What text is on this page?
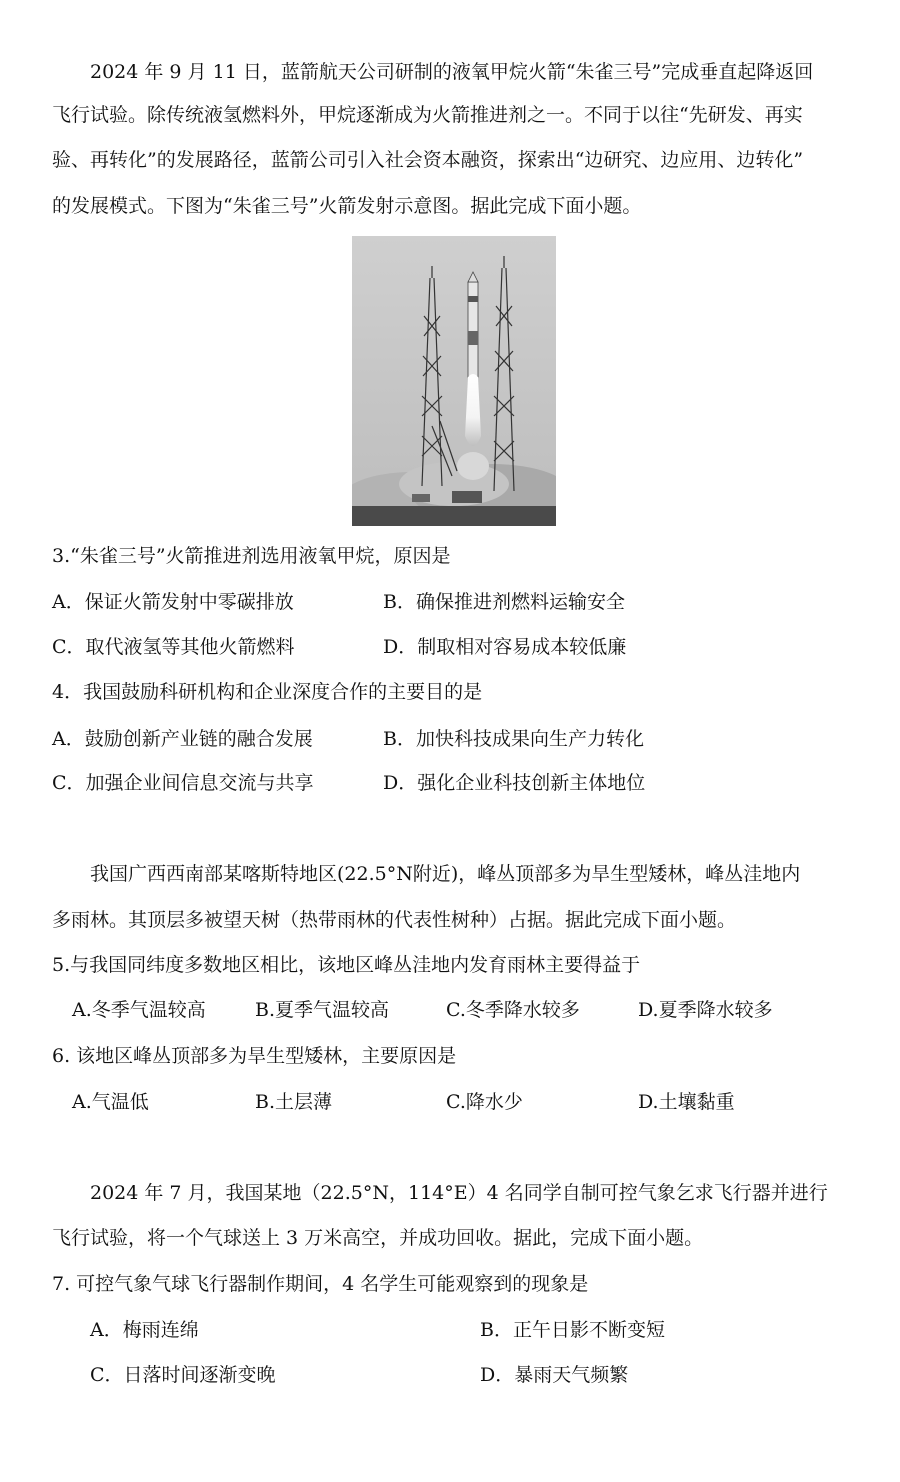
2024 年 9 月 11 日，蓝箭航天公司研制的液氧甲烷火箭“朱雀三号”完成垂直起降返回
飞行试验。除传统液氢燃料外，甲烷逐渐成为火箭推进剂之一。不同于以往“先研发、再实
验、再转化”的发展路径，蓝箭公司引入社会资本融资，探索出“边研究、边应用、边转化”
的发展模式。下图为“朱雀三号”火箭发射示意图。据此完成下面小题。
3.“朱雀三号”火箭推进剂选用液氧甲烷，原因是
A．保证火箭发射中零碳排放	B．确保推进剂燃料运输安全
C．取代液氢等其他火箭燃料	D．制取相对容易成本较低廉
4．我国鼓励科研机构和企业深度合作的主要目的是
A．鼓励创新产业链的融合发展	B．加快科技成果向生产力转化
C．加强企业间信息交流与共享	D．强化企业科技创新主体地位
我国广西西南部某喀斯特地区(22.5°N附近)，峰丛顶部多为旱生型矮林，峰丛洼地内
多雨林。其顶层多被望天树（热带雨林的代表性树种）占据。据此完成下面小题。
5.与我国同纬度多数地区相比，该地区峰丛洼地内发育雨林主要得益于
A.冬季气温较高	B.夏季气温较高	C.冬季降水较多	D.夏季降水较多
6. 该地区峰丛顶部多为旱生型矮林，主要原因是
A.气温低	B.土层薄	C.降水少	D.土壤黏重
2024 年 7 月，我国某地（22.5°N，114°E）4 名同学自制可控气象乞求飞行器并进行
飞行试验，将一个气球送上 3 万米高空，并成功回收。据此，完成下面小题。
7. 可控气象气球飞行器制作期间，4 名学生可能观察到的现象是
A．梅雨连绵	B．正午日影不断变短
C．日落时间逐渐变晚	D．暴雨天气频繁
